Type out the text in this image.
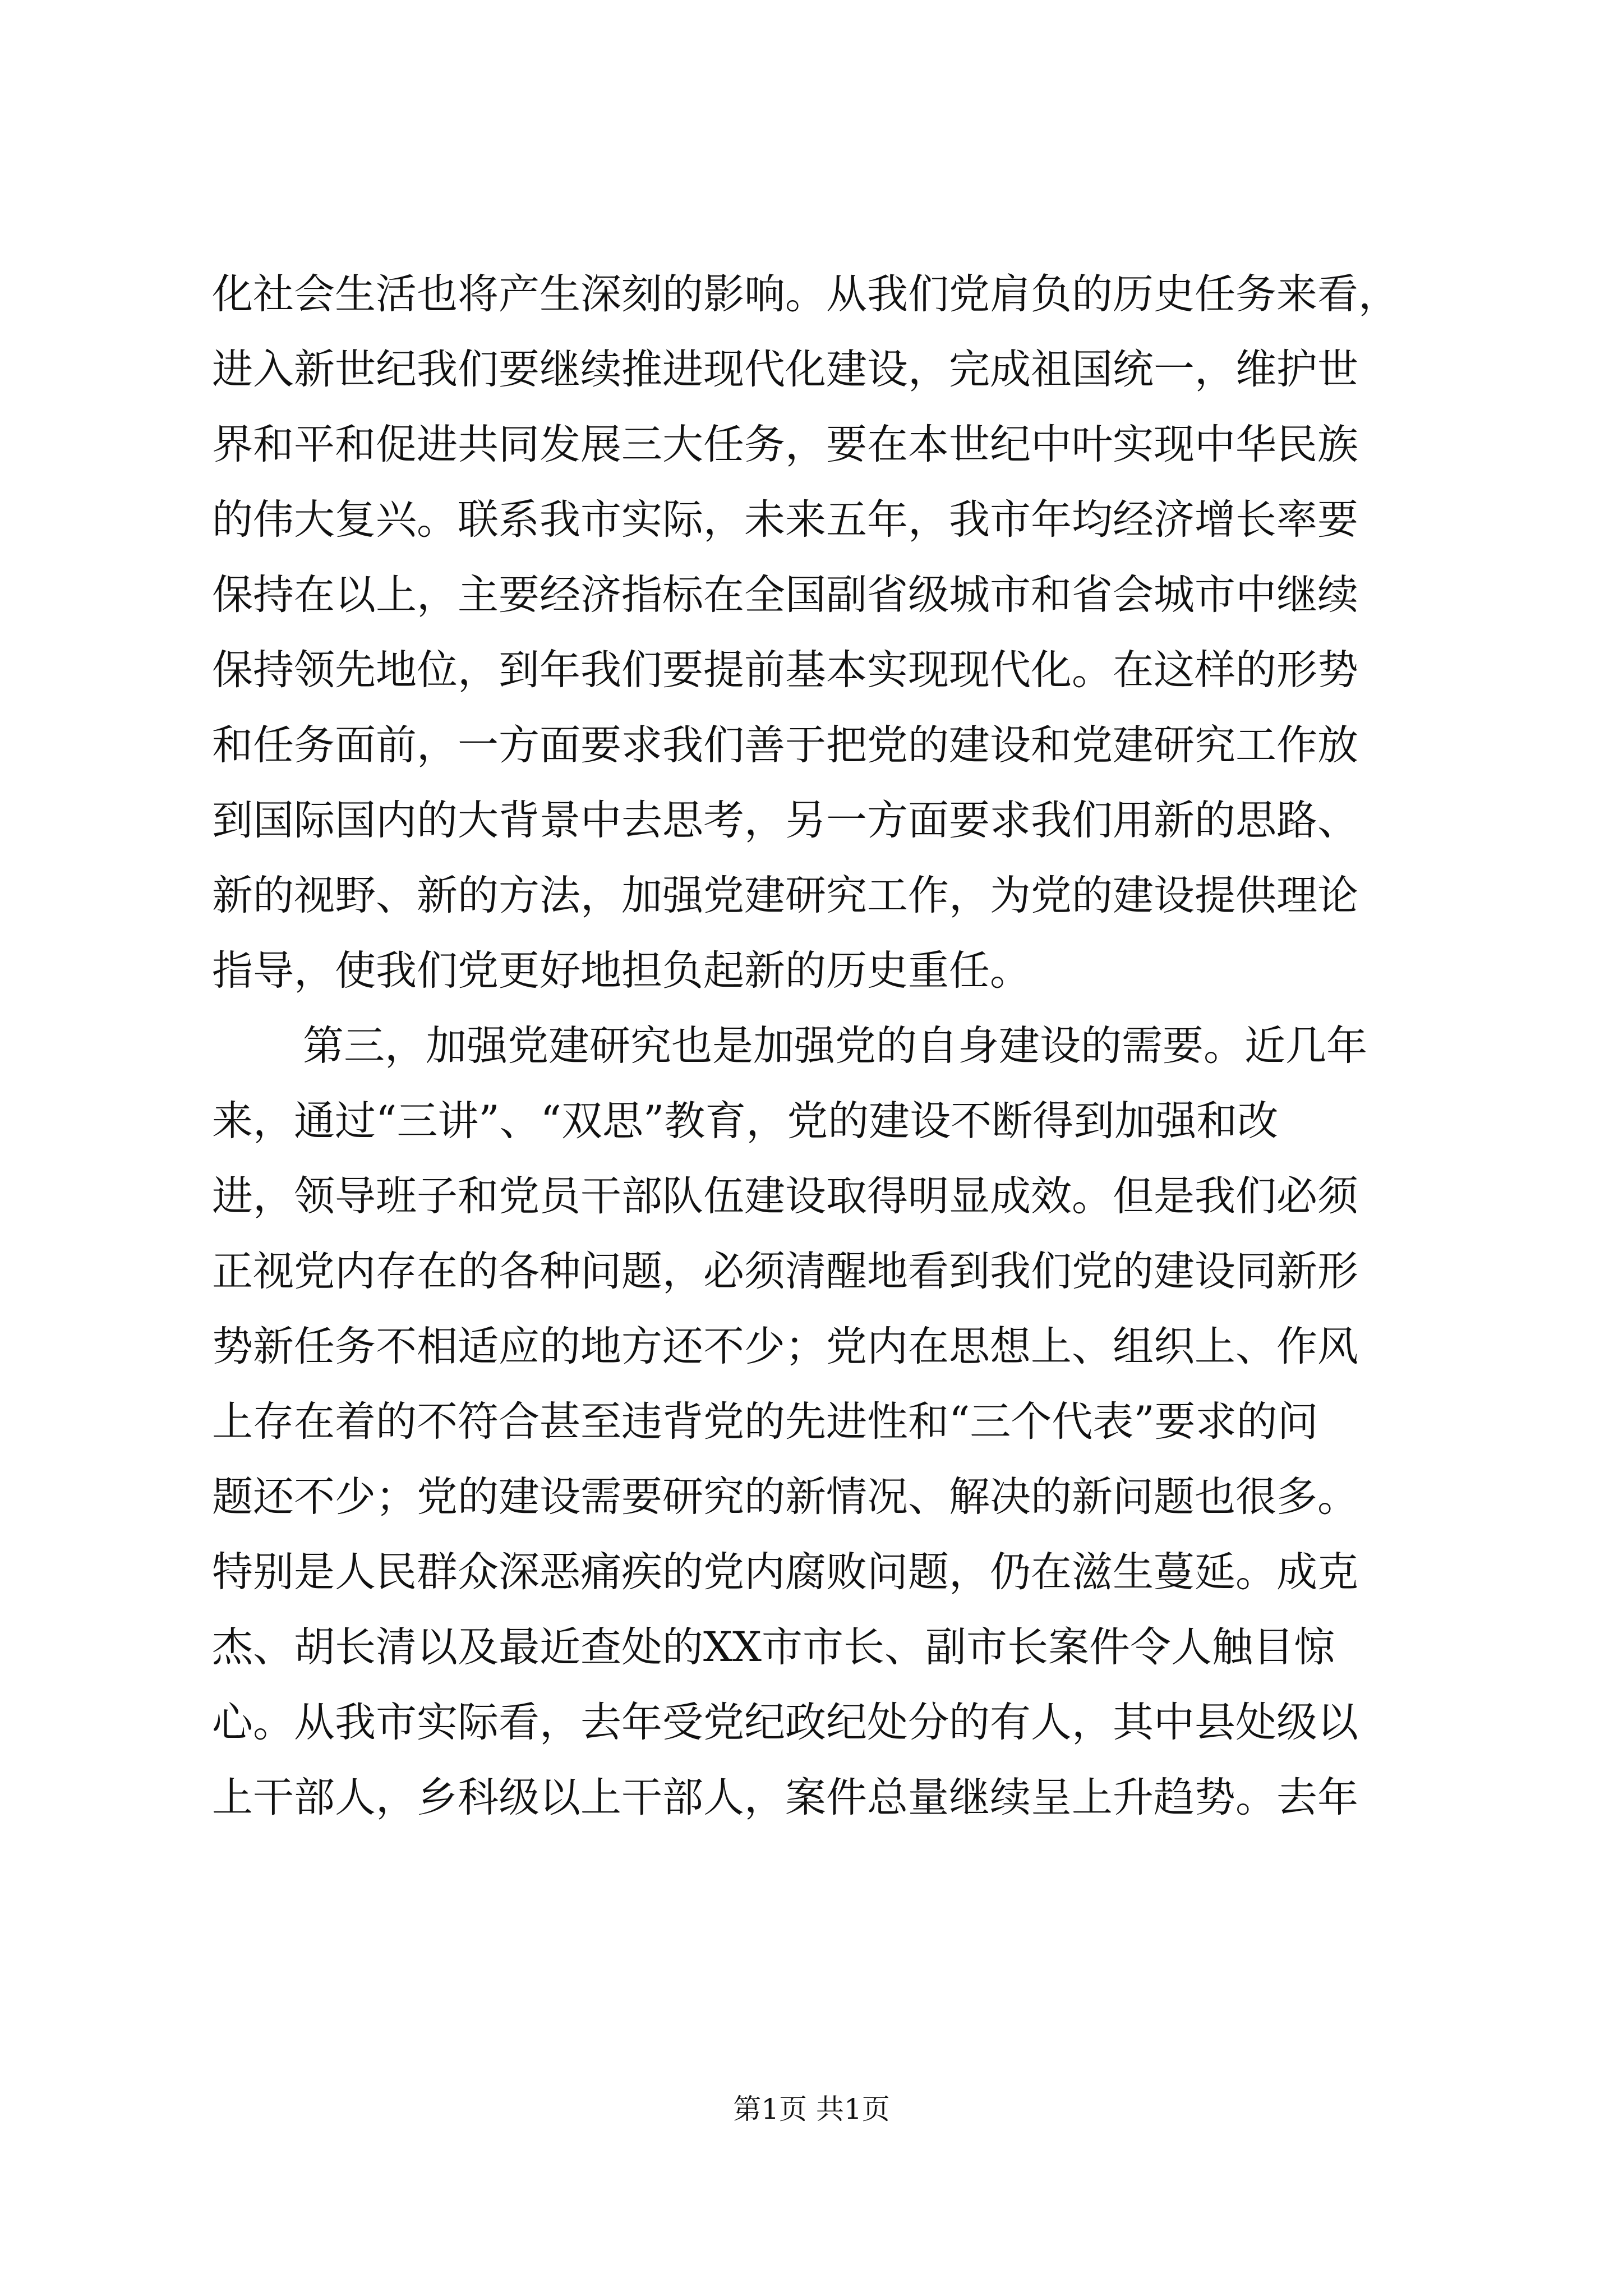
化社会生活也将产生深刻的影响。从我们党肩负的历史任务来看，
进入新世纪我们要继续推进现代化建设，完成祖国统一，维护世
界和平和促进共同发展三大任务，要在本世纪中叶实现中华民族
的伟大复兴。联系我市实际，未来五年，我市年均经济增长率要
保持在以上，主要经济指标在全国副省级城市和省会城市中继续
保持领先地位，到年我们要提前基本实现现代化。在这样的形势
和任务面前，一方面要求我们善于把党的建设和党建研究工作放
到国际国内的大背景中去思考，另一方面要求我们用新的思路、
新的视野、新的方法，加强党建研究工作，为党的建设提供理论
指导，使我们党更好地担负起新的历史重任。
第三，加强党建研究也是加强党的自身建设的需要。近几年
来，通过“三讲”、“双思”教育，党的建设不断得到加强和改
进，领导班子和党员干部队伍建设取得明显成效。但是我们必须
正视党内存在的各种问题，必须清醒地看到我们党的建设同新形
势新任务不相适应的地方还不少；党内在思想上、组织上、作风
上存在着的不符合甚至违背党的先进性和“三个代表”要求的问
题还不少；党的建设需要研究的新情况、解决的新问题也很多。
特别是人民群众深恶痛疾的党内腐败问题，仍在滋生蔓延。成克
杰、胡长清以及最近查处的XX市市长、副市长案件令人触目惊
心。从我市实际看，去年受党纪政纪处分的有人，其中县处级以
上干部人，乡科级以上干部人，案件总量继续呈上升趋势。去年
第1页 共1页
